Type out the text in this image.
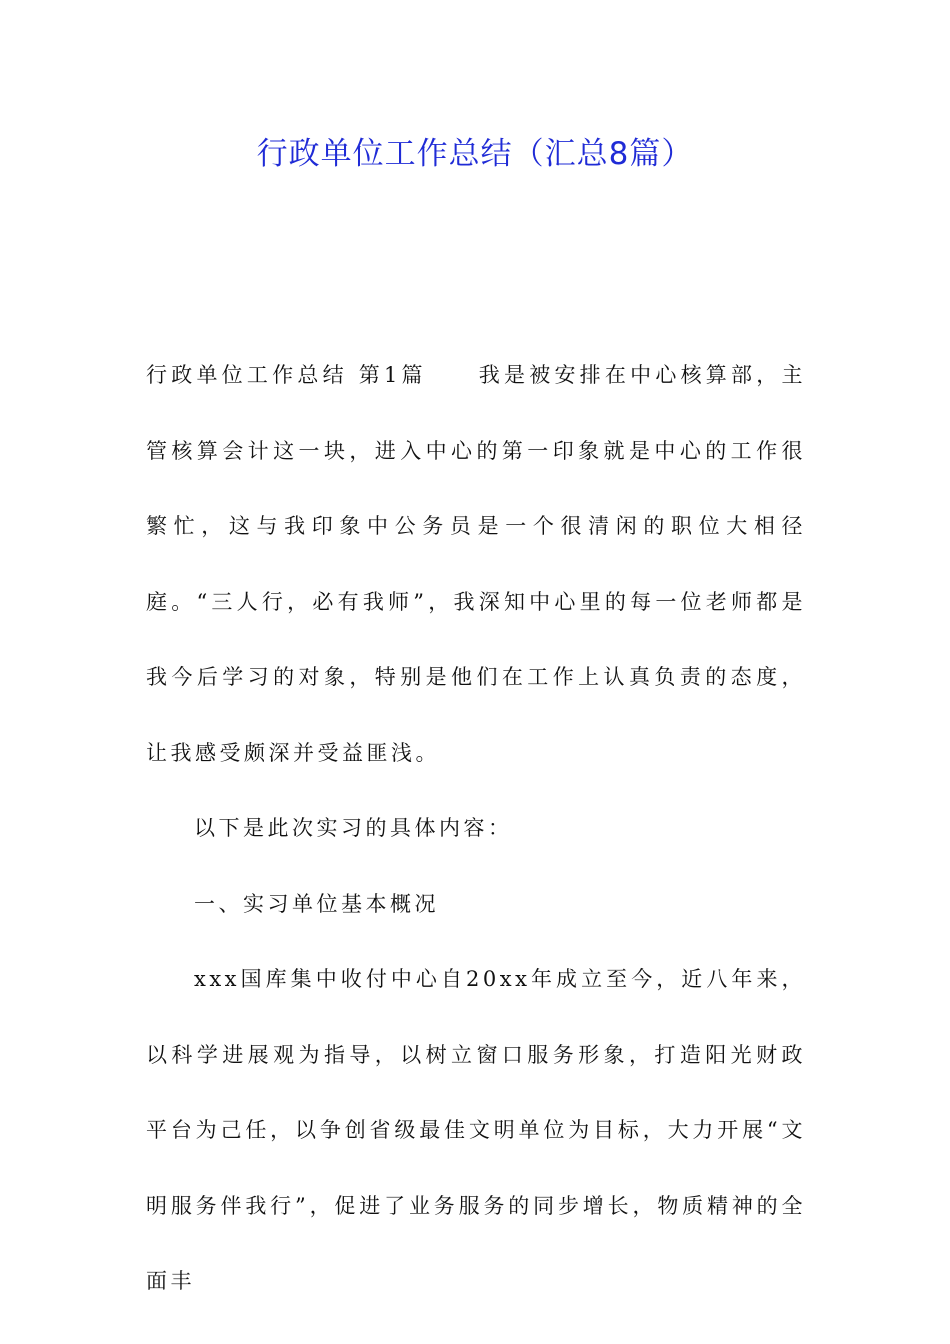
行政单位工作总结（汇总8篇）

行政单位工作总结 第1篇 我是被安排在中心核算部，主管核算会计这一块，进入中心的第一印象就是中心的工作很繁忙，这与我印象中公务员是一个很清闲的职位大相径庭。“三人行，必有我师”，我深知中心里的每一位老师都是我今后学习的对象，特别是他们在工作上认真负责的态度，让我感受颇深并受益匪浅。

以下是此次实习的具体内容：

一、实习单位基本概况

xxx国库集中收付中心自20xx年成立至今，近八年来，以科学进展观为指导，以树立窗口服务形象，打造阳光财政平台为己任，以争创省级最佳文明单位为目标，大力开展“文明服务伴我行”，促进了业务服务的同步增长，物质精神的全面丰
